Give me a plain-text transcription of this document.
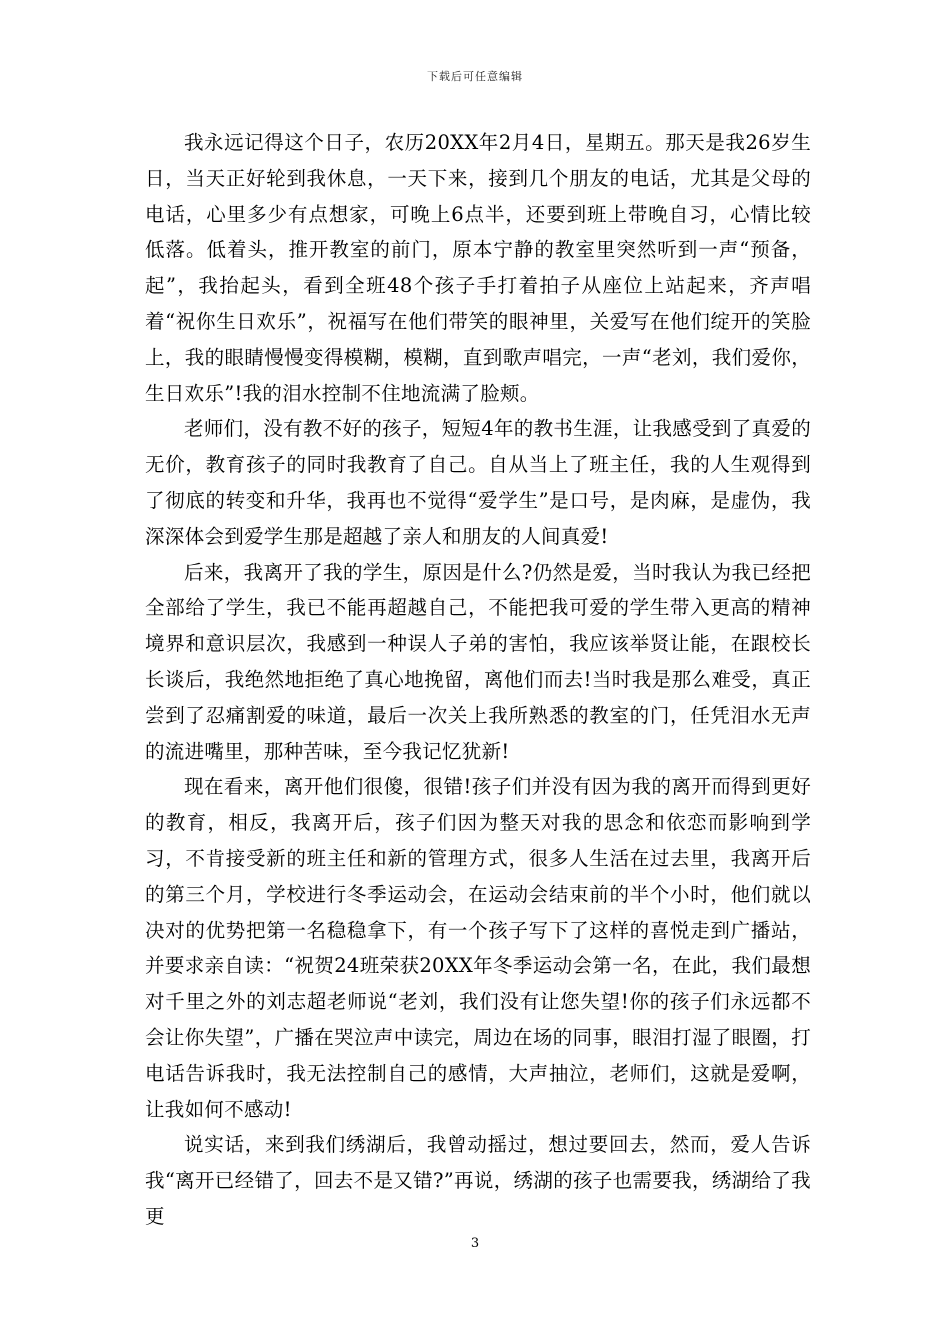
下载后可任意编辑

我永远记得这个日子，农历20XX年2月4日，星期五。那天是我26岁生日，当天正好轮到我休息，一天下来，接到几个朋友的电话，尤其是父母的电话，心里多少有点想家，可晚上6点半，还要到班上带晚自习，心情比较低落。低着头，推开教室的前门，原本宁静的教室里突然听到一声“预备，起”，我抬起头，看到全班48个孩子手打着拍子从座位上站起来，齐声唱着“祝你生日欢乐”，祝福写在他们带笑的眼神里，关爱写在他们绽开的笑脸上，我的眼睛慢慢变得模糊，模糊，直到歌声唱完，一声“老刘，我们爱你，生日欢乐”!我的泪水控制不住地流满了脸颊。

老师们，没有教不好的孩子，短短4年的教书生涯，让我感受到了真爱的无价，教育孩子的同时我教育了自己。自从当上了班主任，我的人生观得到了彻底的转变和升华，我再也不觉得“爱学生”是口号，是肉麻，是虚伪，我深深体会到爱学生那是超越了亲人和朋友的人间真爱!

后来，我离开了我的学生，原因是什么?仍然是爱，当时我认为我已经把全部给了学生，我已不能再超越自己，不能把我可爱的学生带入更高的精神境界和意识层次，我感到一种误人子弟的害怕，我应该举贤让能，在跟校长长谈后，我绝然地拒绝了真心地挽留，离他们而去!当时我是那么难受，真正尝到了忍痛割爱的味道，最后一次关上我所熟悉的教室的门，任凭泪水无声的流进嘴里，那种苦味，至今我记忆犹新!

现在看来，离开他们很傻，很错!孩子们并没有因为我的离开而得到更好的教育，相反，我离开后，孩子们因为整天对我的思念和依恋而影响到学习，不肯接受新的班主任和新的管理方式，很多人生活在过去里，我离开后的第三个月，学校进行冬季运动会，在运动会结束前的半个小时，他们就以决对的优势把第一名稳稳拿下，有一个孩子写下了这样的喜悦走到广播站，并要求亲自读：“祝贺24班荣获20XX年冬季运动会第一名，在此，我们最想对千里之外的刘志超老师说“老刘，我们没有让您失望!你的孩子们永远都不会让你失望”，广播在哭泣声中读完，周边在场的同事，眼泪打湿了眼圈，打电话告诉我时，我无法控制自己的感情，大声抽泣，老师们，这就是爱啊，让我如何不感动!

说实话，来到我们绣湖后，我曾动摇过，想过要回去，然而，爱人告诉我“离开已经错了，回去不是又错?”再说，绣湖的孩子也需要我，绣湖给了我更

3
